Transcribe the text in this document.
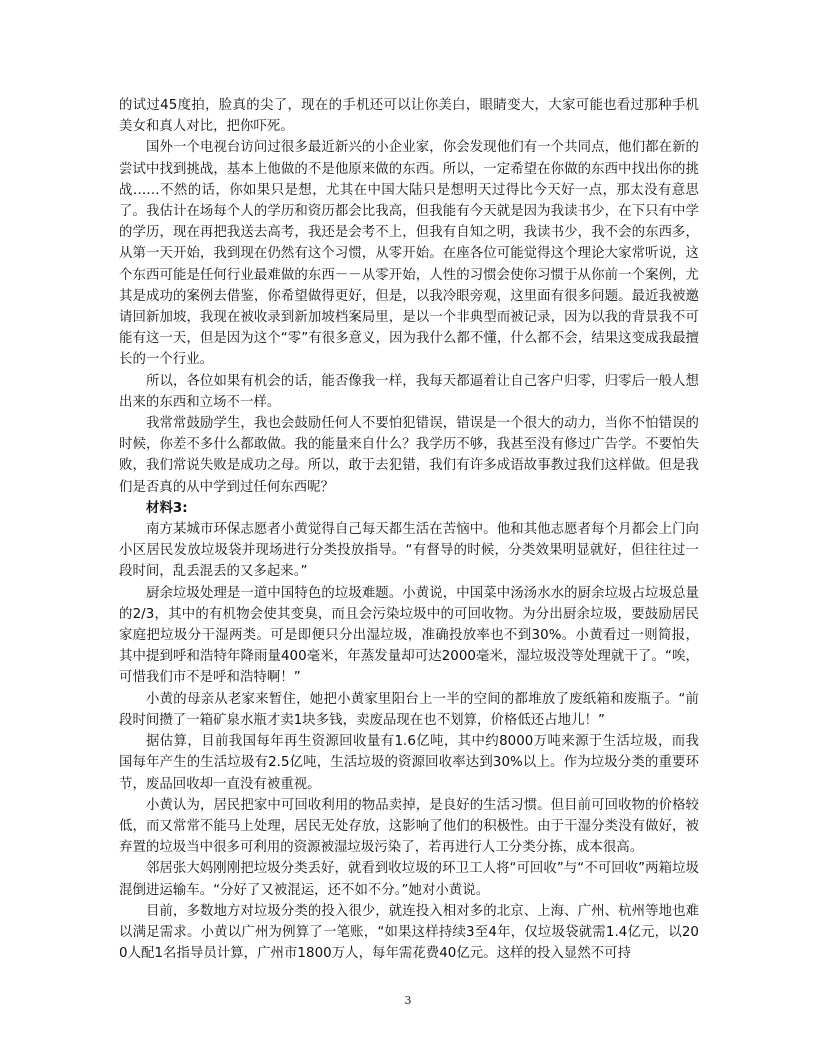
的试过45度拍，脸真的尖了，现在的手机还可以让你美白，眼睛变大，大家可能也看过那种手机美女和真人对比，把你吓死。

国外一个电视台访问过很多最近新兴的小企业家，你会发现他们有一个共同点，他们都在新的尝试中找到挑战，基本上他做的不是他原来做的东西。所以，一定希望在你做的东西中找出你的挑战……不然的话，你如果只是想，尤其在中国大陆只是想明天过得比今天好一点，那太没有意思了。我估计在场每个人的学历和资历都会比我高，但我能有今天就是因为我读书少，在下只有中学的学历，现在再把我送去高考，我还是会考不上，但我有自知之明，我读书少，我不会的东西多，从第一天开始，我到现在仍然有这个习惯，从零开始。在座各位可能觉得这个理论大家常听说，这个东西可能是任何行业最难做的东西－－从零开始，人性的习惯会使你习惯于从你前一个案例，尤其是成功的案例去借鉴，你希望做得更好，但是，以我冷眼旁观，这里面有很多问题。最近我被邀请回新加坡，我现在被收录到新加坡档案局里，是以一个非典型而被记录，因为以我的背景我不可能有这一天，但是因为这个“零”有很多意义，因为我什么都不懂，什么都不会，结果这变成我最擅长的一个行业。

所以，各位如果有机会的话，能否像我一样，我每天都逼着让自己客户归零，归零后一般人想出来的东西和立场不一样。

我常常鼓励学生，我也会鼓励任何人不要怕犯错误，错误是一个很大的动力，当你不怕错误的时候，你差不多什么都敢做。我的能量来自什么？我学历不够，我甚至没有修过广告学。不要怕失败，我们常说失败是成功之母。所以，敢于去犯错，我们有许多成语故事教过我们这样做。但是我们是否真的从中学到过任何东西呢？

材料3:

南方某城市环保志愿者小黄觉得自己每天都生活在苦恼中。他和其他志愿者每个月都会上门向小区居民发放垃圾袋并现场进行分类投放指导。“有督导的时候，分类效果明显就好，但往往过一段时间，乱丢混丢的又多起来。”

厨余垃圾处理是一道中国特色的垃圾难题。小黄说，中国菜中汤汤水水的厨余垃圾占垃圾总量的2/3，其中的有机物会使其变臭，而且会污染垃圾中的可回收物。为分出厨余垃圾，要鼓励居民家庭把垃圾分干湿两类。可是即便只分出湿垃圾，准确投放率也不到30%。小黄看过一则简报，其中提到呼和浩特年降雨量400毫米，年蒸发量却可达2000毫米，湿垃圾没等处理就干了。“唉，可惜我们市不是呼和浩特啊！”

小黄的母亲从老家来暂住，她把小黄家里阳台上一半的空间的都堆放了废纸箱和废瓶子。“前段时间攒了一箱矿泉水瓶才卖1块多钱，卖废品现在也不划算，价格低还占地儿！”

据估算，目前我国每年再生资源回收量有1.6亿吨，其中约8000万吨来源于生活垃圾，而我国每年产生的生活垃圾有2.5亿吨，生活垃圾的资源回收率达到30%以上。作为垃圾分类的重要环节，废品回收却一直没有被重视。

小黄认为，居民把家中可回收利用的物品卖掉，是良好的生活习惯。但目前可回收物的价格较低，而又常常不能马上处理，居民无处存放，这影响了他们的积极性。由于干湿分类没有做好，被弃置的垃圾当中很多可利用的资源被湿垃圾污染了，若再进行人工分类分拣，成本很高。

邻居张大妈刚刚把垃圾分类丢好，就看到收垃圾的环卫工人将“可回收”与“不可回收”两箱垃圾混倒进运输车。“分好了又被混运，还不如不分。”她对小黄说。

目前，多数地方对垃圾分类的投入很少，就连投入相对多的北京、上海、广州、杭州等地也难以满足需求。小黄以广州为例算了一笔账，“如果这样持续3至4年，仅垃圾袋就需1.4亿元，以200人配1名指导员计算，广州市1800万人，每年需花费40亿元。这样的投入显然不可持

3
